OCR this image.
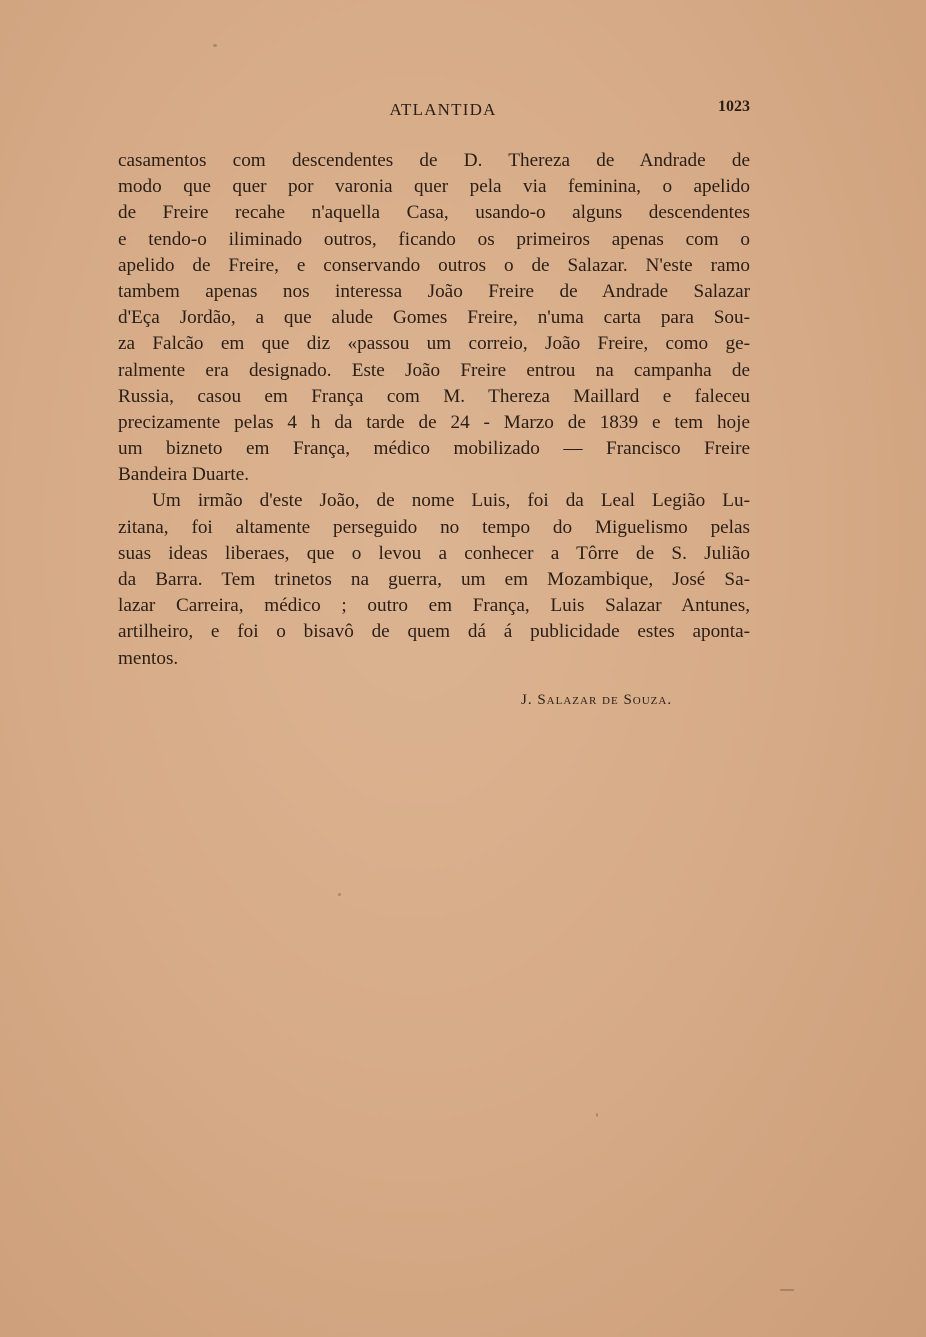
ATLANTIDA	1023
casamentos com descendentes de D. Thereza de Andrade de
modo que quer por varonia quer pela via feminina, o apelido
de Freire recahe n'aquella Casa, usando-o alguns descendentes
e tendo-o iliminado outros, ficando os primeiros apenas com o
apelido de Freire, e conservando outros o de Salazar. N'este ramo
tambem apenas nos interessa João Freire de Andrade Salazar
d'Eça Jordão, a que alude Gomes Freire, n'uma carta para Sou-
za Falcão em que diz «passou um correio, João Freire, como ge-
ralmente era designado. Este João Freire entrou na campanha de
Russia, casou em França com M. Thereza Maillard e faleceu
precizamente pelas 4 h da tarde de 24 - Marzo de 1839 e tem hoje
um bizneto em França, médico mobilizado — Francisco Freire
Bandeira Duarte.
Um irmão d'este João, de nome Luis, foi da Leal Legião Lu-
zitana, foi altamente perseguido no tempo do Miguelismo pelas
suas ideas liberaes, que o levou a conhecer a Tôrre de S. Julião
da Barra. Tem trinetos na guerra, um em Mozambique, José Sa-
lazar Carreira, médico ; outro em França, Luis Salazar Antunes,
artilheiro, e foi o bisavô de quem dá á publicidade estes aponta-
mentos.
J. Salazar de Souza.
